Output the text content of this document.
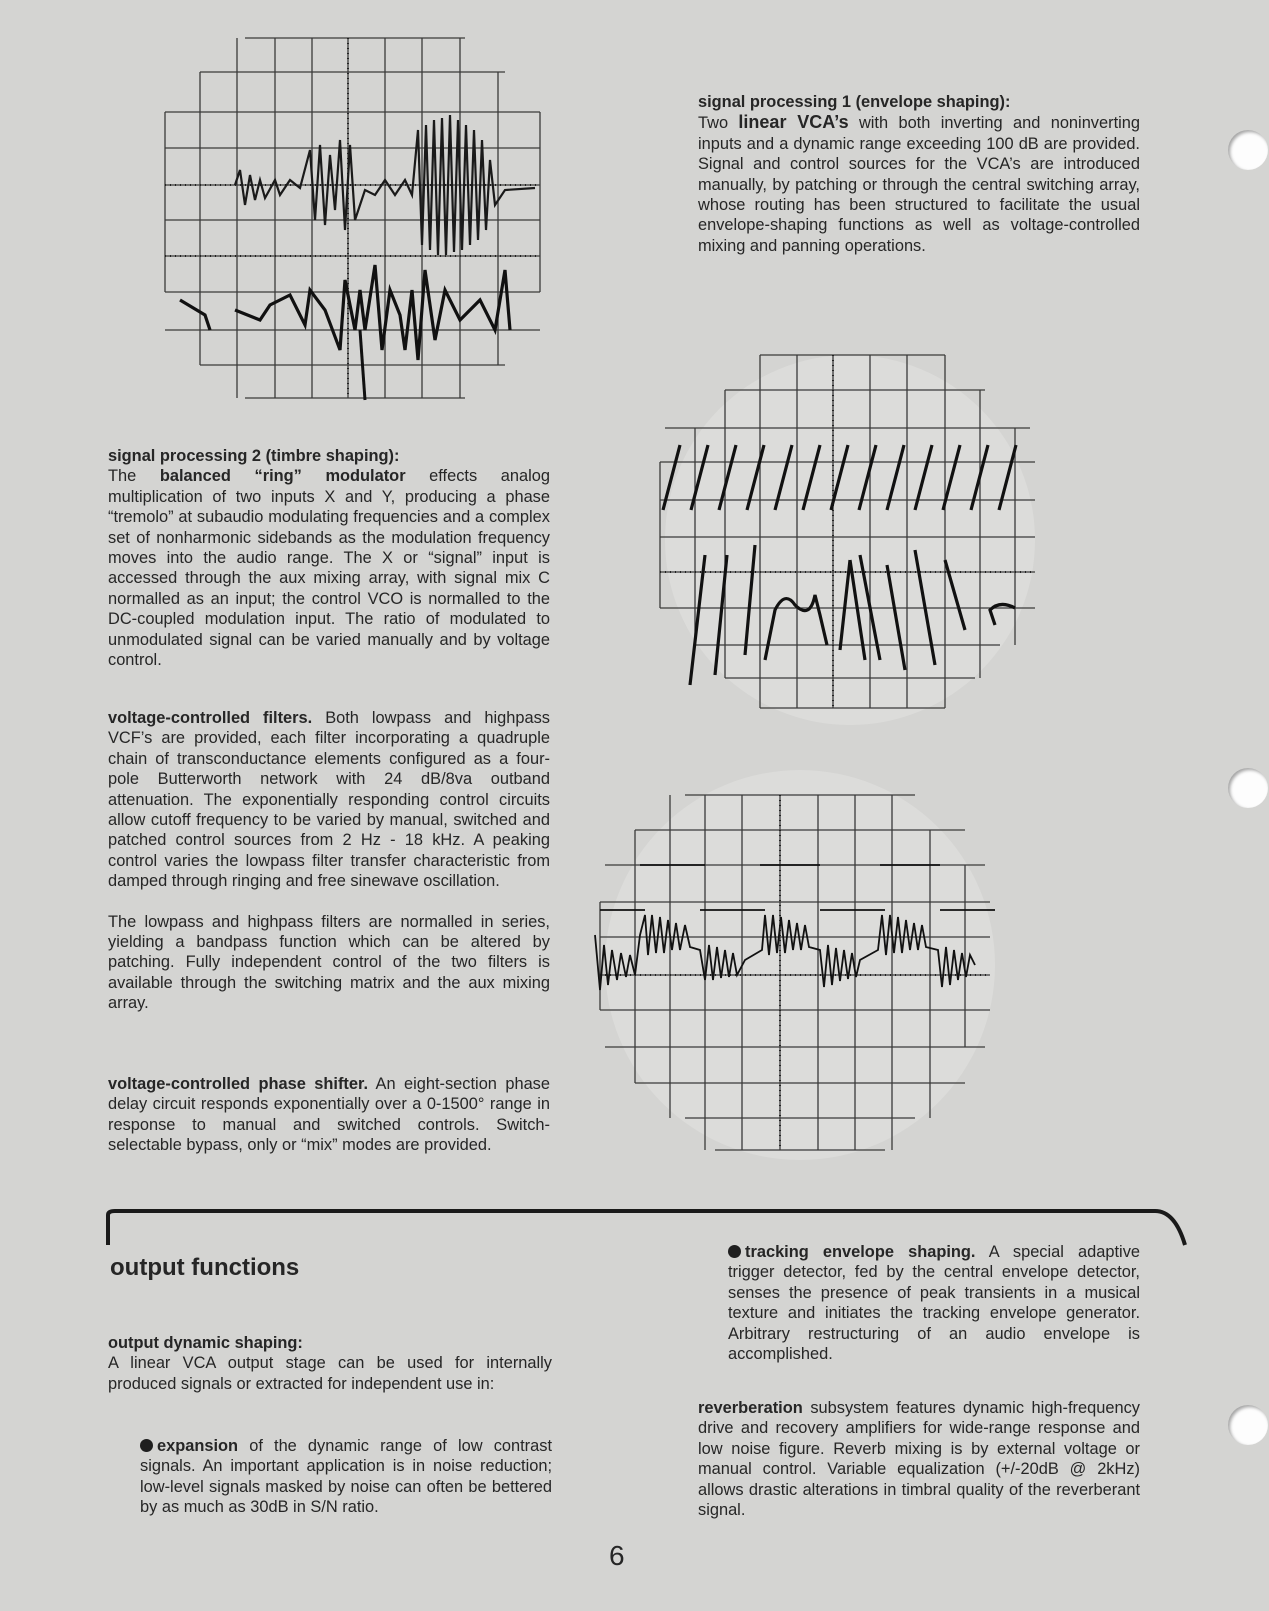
signal processing 2 (timbre shaping):

The balanced “ring” modulator effects analog multiplication of two inputs X and Y, producing a phase “tremolo” at subaudio modulating frequencies and a complex set of nonharmonic sidebands as the modulation frequency moves into the audio range. The X or “signal” input is accessed through the aux mixing array, with signal mix C normalled as an input; the control VCO is normalled to the DC-coupled modulation input. The ratio of modulated to unmodulated signal can be varied manually and by voltage control.

voltage-controlled filters. Both lowpass and highpass VCF’s are provided, each filter incorporating a quadruple chain of transconductance elements configured as a four-pole Butterworth network with 24 dB/8va outband attenuation. The exponentially responding control circuits allow cutoff frequency to be varied by manual, switched and patched control sources from 2 Hz - 18 kHz. A peaking control varies the lowpass filter transfer characteristic from damped through ringing and free sinewave oscillation.

The lowpass and highpass filters are normalled in series, yielding a bandpass function which can be altered by patching. Fully independent control of the two filters is available through the switching matrix and the aux mixing array.

voltage-controlled phase shifter. An eight-section phase delay circuit responds exponentially over a 0-1500° range in response to manual and switched controls. Switch-selectable bypass, only or “mix” modes are provided.

signal processing 1 (envelope shaping):

Two linear VCA’s with both inverting and noninverting inputs and a dynamic range exceeding 100 dB are provided. Signal and control sources for the VCA’s are introduced manually, by patching or through the central switching array, whose routing has been structured to facilitate the usual envelope-shaping functions as well as voltage-controlled mixing and panning operations.

output functions
output dynamic shaping:

A linear VCA output stage can be used for internally produced signals or extracted for independent use in:

expansion of the dynamic range of low contrast signals. An important application is in noise reduction; low-level signals masked by noise can often be bettered by as much as 30dB in S/N ratio.

tracking envelope shaping. A special adaptive trigger detector, fed by the central envelope detector, senses the presence of peak transients in a musical texture and initiates the tracking envelope generator. Arbitrary restructuring of an audio envelope is accomplished.

reverberation subsystem features dynamic high-frequency drive and recovery amplifiers for wide-range response and low noise figure. Reverb mixing is by external voltage or manual control. Variable equalization (+/-20dB @ 2kHz) allows drastic alterations in timbral quality of the reverberant signal.

6
